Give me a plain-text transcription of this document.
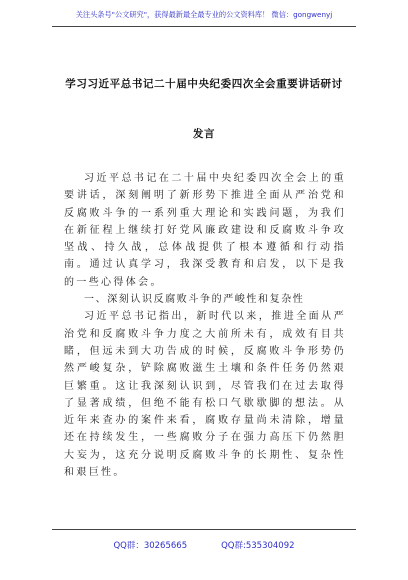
关注头条号"公文研究"，获得最新最全最专业的公文资料库！ 微信：gongwenyj
学习习近平总书记二十届中央纪委四次全会重要讲话研讨
发言

习近平总书记在二十届中央纪委四次全会上的重要讲话，深刻阐明了新形势下推进全面从严治党和反腐败斗争的一系列重大理论和实践问题，为我们在新征程上继续打好党风廉政建设和反腐败斗争攻坚战、持久战，总体战提供了根本遵循和行动指南。通过认真学习，我深受教育和启发，以下是我的一些心得体会。

一、深刻认识反腐败斗争的严峻性和复杂性

习近平总书记指出，新时代以来，推进全面从严治党和反腐败斗争力度之大前所未有，成效有目共睹，但远未到大功告成的时候，反腐败斗争形势仍然严峻复杂，铲除腐败滋生土壤和条件任务仍然艰巨繁重。这让我深刻认识到，尽管我们在过去取得了显著成绩，但绝不能有松口气歇歇脚的想法。从近年来查办的案件来看，腐败存量尚未清除，增量还在持续发生，一些腐败分子在强力高压下仍然胆大妄为，这充分说明反腐败斗争的长期性、复杂性和艰巨性。

QQ群：30265665	QQ群:535304092
